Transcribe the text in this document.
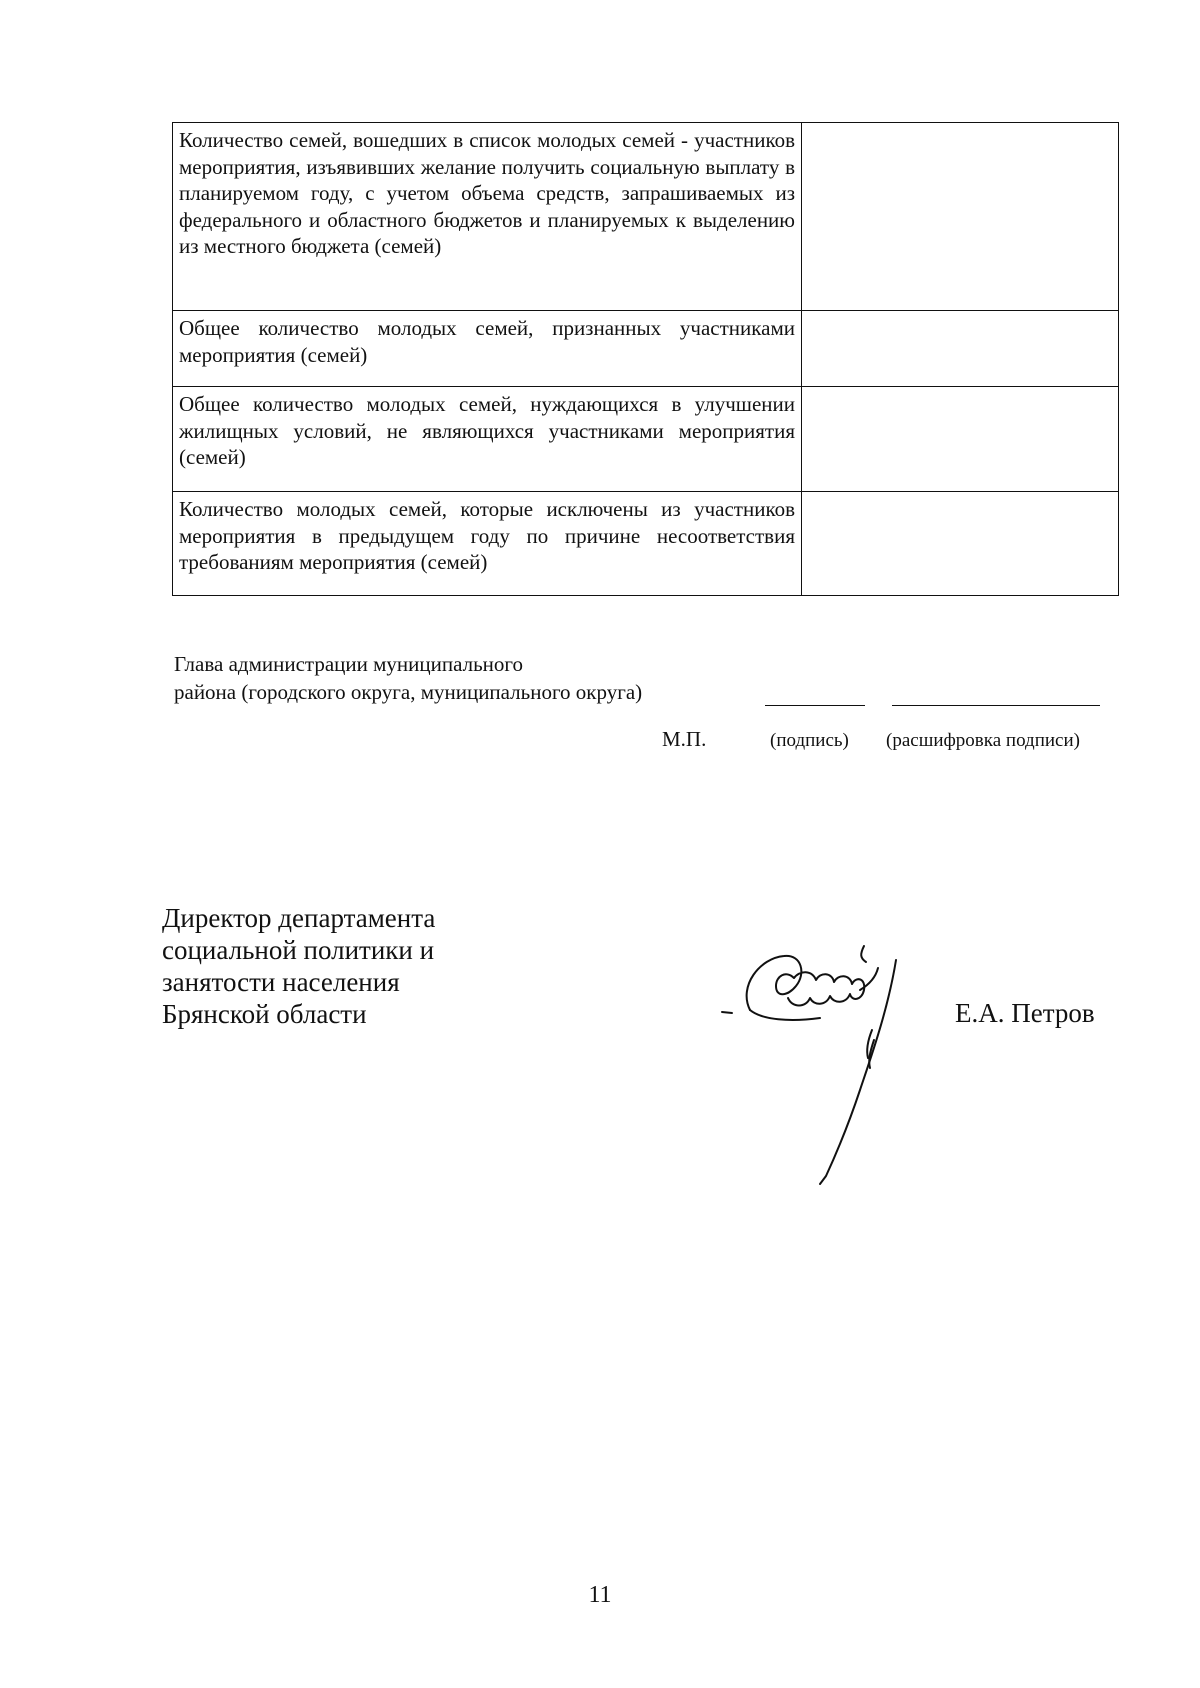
Количество семей, вошедших в список молодых семей - участников мероприятия, изъявивших желание получить социальную выплату в планируемом году, с учетом объема средств, запрашиваемых из федерального и областного бюджетов и планируемых к выделению из местного бюджета (семей)	
Общее количество молодых семей, признанных участниками мероприятия (семей)	
Общее количество молодых семей, нуждающихся в улучшении жилищных условий, не являющихся участниками мероприятия (семей)	
Количество молодых семей, которые исключены из участников мероприятия в предыдущем году по причине несоответствия требованиям мероприятия (семей)	
Глава администрации муниципального
района (городского округа, муниципального округа)
М.П.	(подпись) (расшифровка подписи)
Директор департамента
социальной политики и
занятости населения
Брянской области	Е.А. Петров
11
